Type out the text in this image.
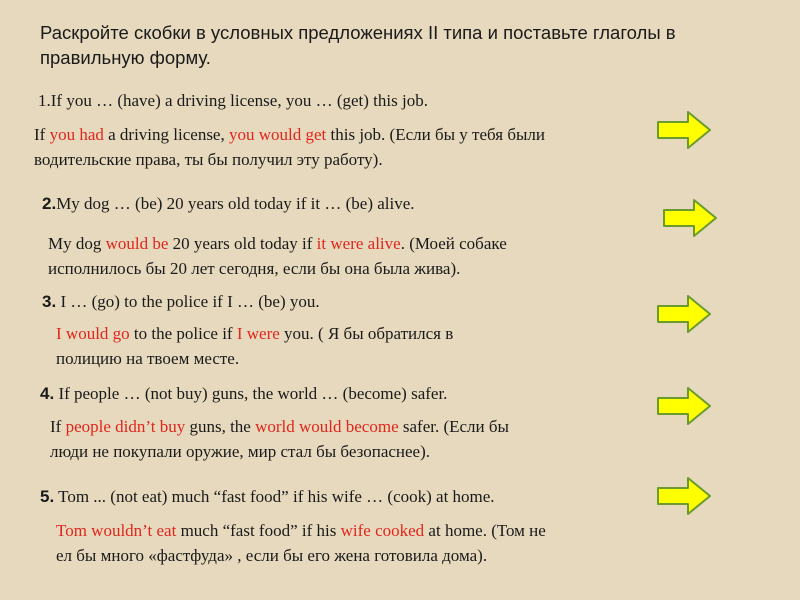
Раскройте скобки в условных предложениях II типа и поставьте глаголы в правильную форму.
1.If you … (have) a driving license, you … (get) this job.
If you had a driving license, you would get this job. (Если бы у тебя были
водительские права, ты бы получил эту работу).
2.My dog … (be) 20 years old today if it … (be) alive.
My dog would be 20 years old today if it were alive. (Моей собаке
исполнилось бы 20 лет сегодня, если бы она была жива).
3. I … (go) to the police if I … (be) you.
I would go to the police if I were you. ( Я бы обратился в
полицию на твоем месте.
4. If people … (not buy) guns, the world … (become) safer.
If people didn’t buy guns, the world would become safer. (Если бы
люди не покупали оружие, мир стал бы безопаснее).
5. Tom ... (not eat) much “fast food” if his wife … (cook) at home.
Tom wouldn’t eat much “fast food” if his wife cooked at home. (Том не
ел бы много «фастфуда» , если бы его жена готовила дома).
